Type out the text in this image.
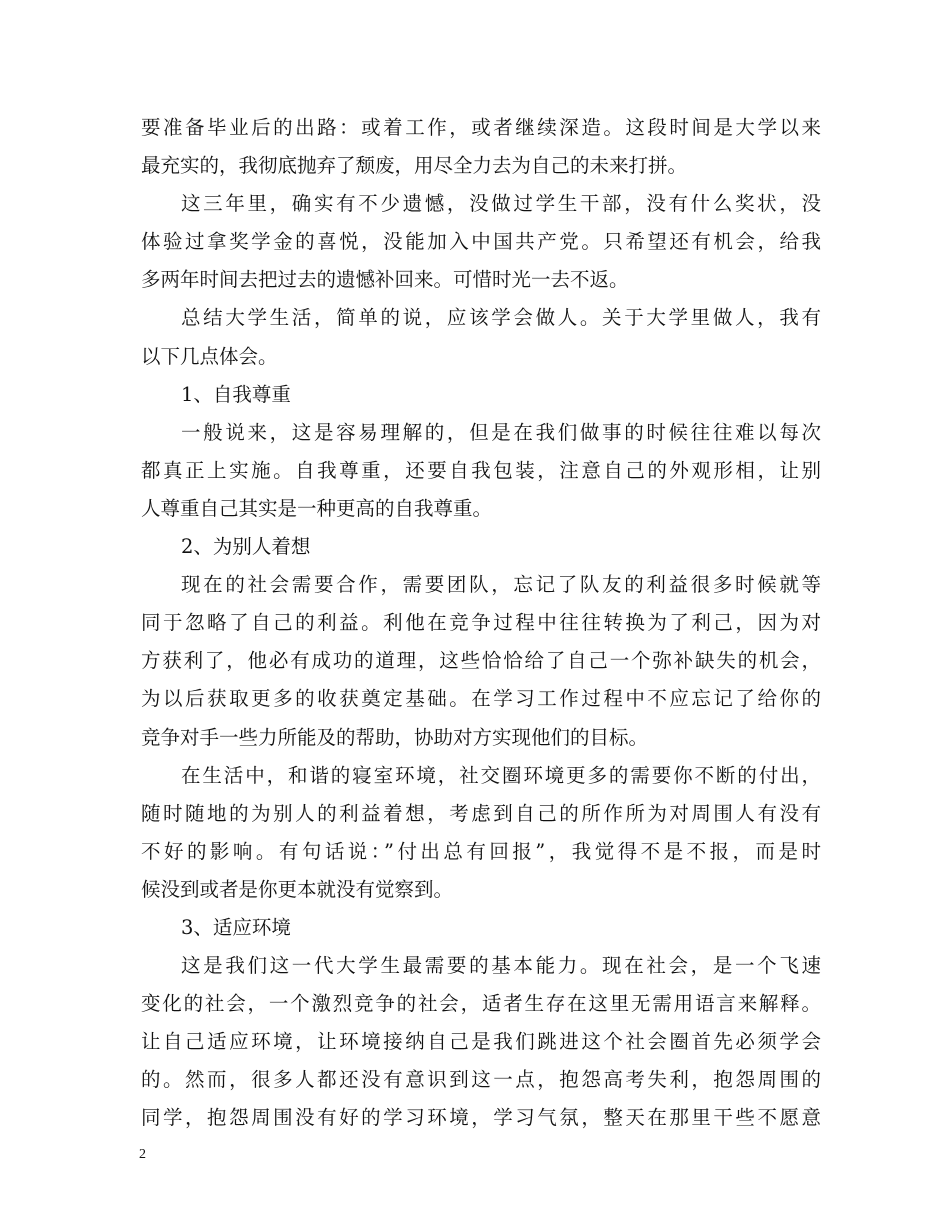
要准备毕业后的出路：或着工作，或者继续深造。这段时间是大学以来
最充实的，我彻底抛弃了颓废，用尽全力去为自己的未来打拼。
这三年里，确实有不少遗憾，没做过学生干部，没有什么奖状，没
体验过拿奖学金的喜悦，没能加入中国共产党。只希望还有机会，给我
多两年时间去把过去的遗憾补回来。可惜时光一去不返。
总结大学生活，简单的说，应该学会做人。关于大学里做人，我有
以下几点体会。
1、自我尊重
一般说来，这是容易理解的，但是在我们做事的时候往往难以每次
都真正上实施。自我尊重，还要自我包装，注意自己的外观形相，让别
人尊重自己其实是一种更高的自我尊重。
2、为别人着想
现在的社会需要合作，需要团队，忘记了队友的利益很多时候就等
同于忽略了自己的利益。利他在竞争过程中往往转换为了利己，因为对
方获利了，他必有成功的道理，这些恰恰给了自己一个弥补缺失的机会，
为以后获取更多的收获奠定基础。在学习工作过程中不应忘记了给你的
竞争对手一些力所能及的帮助，协助对方实现他们的目标。
在生活中，和谐的寝室环境，社交圈环境更多的需要你不断的付出，
随时随地的为别人的利益着想，考虑到自己的所作所为对周围人有没有
不好的影响。有句话说：”付出总有回报”，我觉得不是不报，而是时
候没到或者是你更本就没有觉察到。
3、适应环境
这是我们这一代大学生最需要的基本能力。现在社会，是一个飞速
变化的社会，一个激烈竞争的社会，适者生存在这里无需用语言来解释。
让自己适应环境，让环境接纳自己是我们跳进这个社会圈首先必须学会
的。然而，很多人都还没有意识到这一点，抱怨高考失利，抱怨周围的
同学，抱怨周围没有好的学习环境，学习气氛，整天在那里干些不愿意
2
